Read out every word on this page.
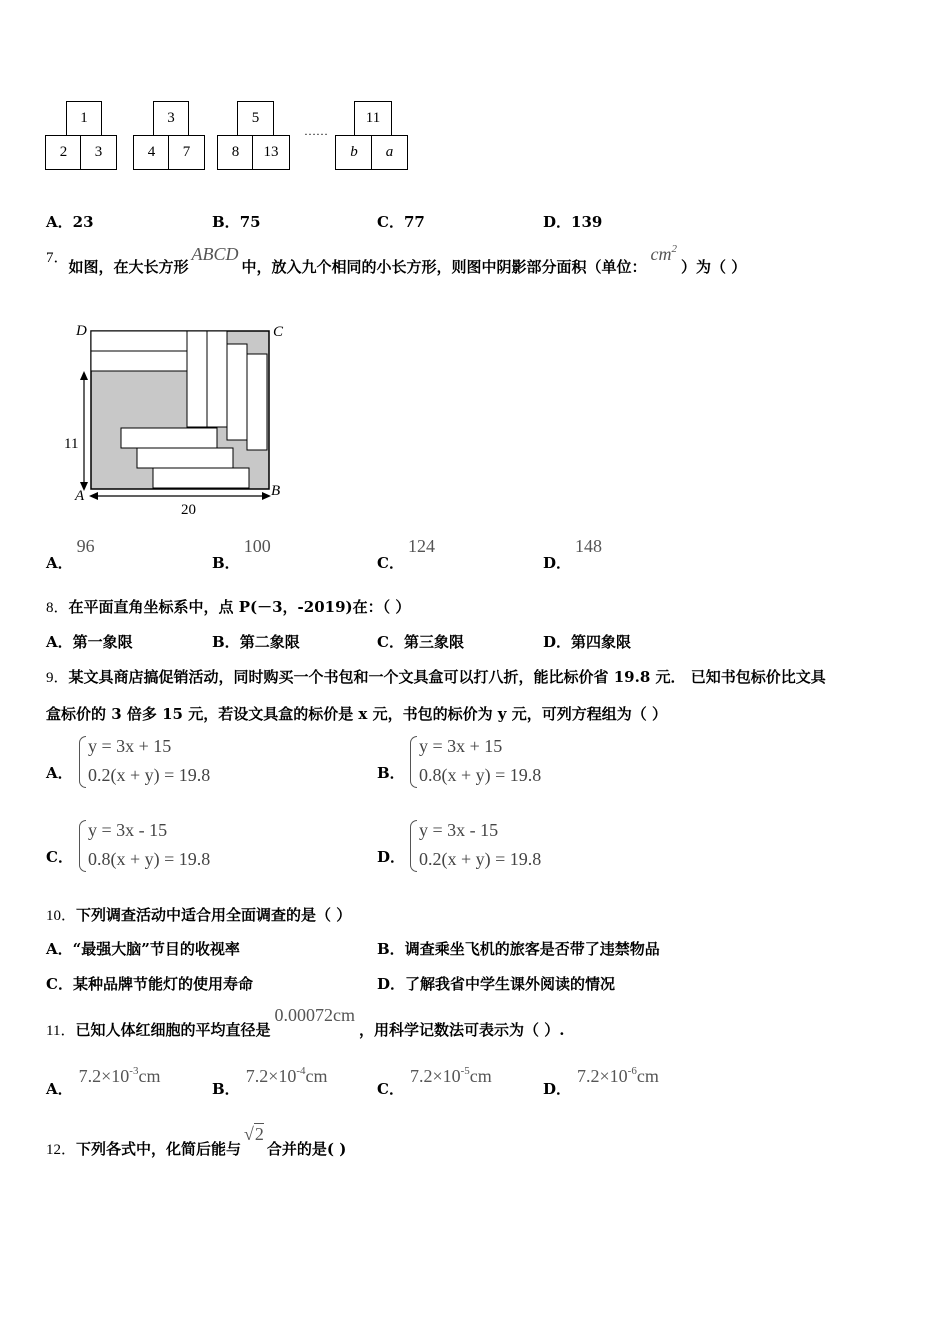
1
2	3
3
4	7
5
8	13
……
11
b	a
A．23	B．75	C．77	D．139
7．如图，在大长方形ABCD中，放入九个相同的小长方形，则图中阴影部分面积（单位：$cm^2$）为（ ）
D	C
A	B
11
20
A．96
B．100
C．124
D．148
8．在平面直角坐标系中，点 P(－3，-2019)在：（ ）
A．第一象限	B．第二象限	C．第三象限	D．第四象限
9．某文具商店搞促销活动，同时购买一个书包和一个文具盒可以打八折，能比标价省 19.8 元． 已知书包标价比文具
盒标价的 3 倍多 15 元，若设文具盒的标价是 x 元，书包的标价为 y 元，可列方程组为（ ）
A．
y = 3x + 15
0.2(x + y) = 19.8	B．
y = 3x + 15
0.8(x + y) = 19.8
C．
y = 3x - 15
0.8(x + y) = 19.8	D．
y = 3x - 15
0.2(x + y) = 19.8
10．下列调查活动中适合用全面调查的是（ ）
A．“最强大脑”节目的收视率	B．调查乘坐飞机的旅客是否带了违禁物品
C．某种品牌节能灯的使用寿命	D．了解我省中学生课外阅读的情况
11．已知人体红细胞的平均直径是0.00072cm，用科学记数法可表示为（ ）.
A．$7.2\times 10^{-3}cm$
B．$7.2\times 10^{-4}cm$
C．$7.2\times 10^{-5}cm$
D．$7.2\times 10^{-6}cm$
12．下列各式中，化简后能与√2合并的是( )
